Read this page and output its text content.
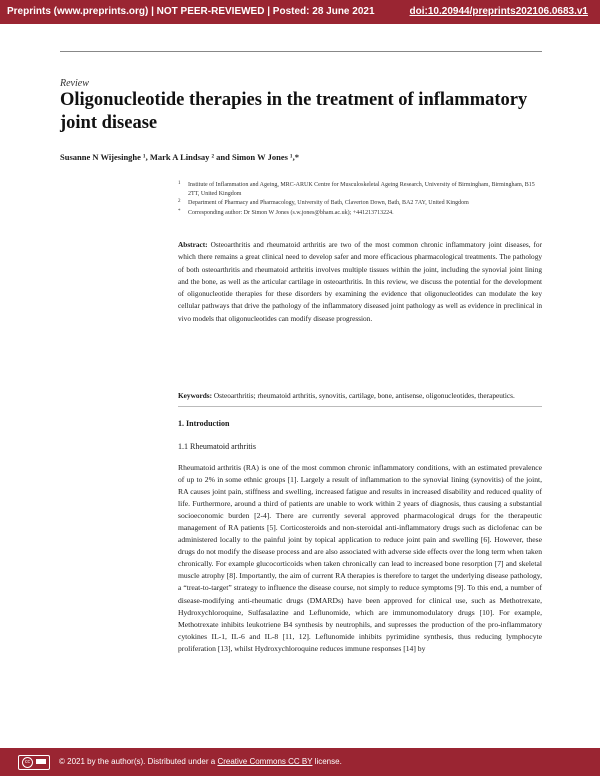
Preprints (www.preprints.org) | NOT PEER-REVIEWED | Posted: 28 June 2021	doi:10.20944/preprints202106.0683.v1
Review
Oligonucleotide therapies in the treatment of inflammatory joint disease
Susanne N Wijesinghe ¹, Mark A Lindsay ² and Simon W Jones ¹,*
1 Institute of Inflammation and Ageing, MRC-ARUK Centre for Musculoskeletal Ageing Research, University of Birmingham, Birmingham, B15 2TT, United Kingdom
2 Department of Pharmacy and Pharmacology, University of Bath, Claverton Down, Bath, BA2 7AY, United Kingdom
* Corresponding author: Dr Simon W Jones (s.w.jones@bham.ac.uk); +441213713224.
Abstract: Osteoarthritis and rheumatoid arthritis are two of the most common chronic inflammatory joint diseases, for which there remains a great clinical need to develop safer and more efficacious pharmacological treatments. The pathology of both osteoarthritis and rheumatoid arthritis involves multiple tissues within the joint, including the synovial joint lining and the bone, as well as the articular cartilage in osteoarthritis. In this review, we discuss the potential for the development of oligonucleotide therapies for these disorders by examining the evidence that oligonucleotides can modulate the key cellular pathways that drive the pathology of the inflammatory diseased joint pathology as well as evidence in preclinical in vivo models that oligonucleotides can modify disease progression.
Keywords: Osteoarthritis; rheumatoid arthritis, synovitis, cartilage, bone, antisense, oligonucleotides, therapeutics.
1. Introduction
1.1 Rheumatoid arthritis
Rheumatoid arthritis (RA) is one of the most common chronic inflammatory conditions, with an estimated prevalence of up to 2% in some ethnic groups [1]. Largely a result of inflammation to the synovial lining (synovitis) of the joint, RA causes joint pain, stiffness and swelling, increased fatigue and results in increased disability and reduced quality of life. Furthermore, around a third of patients are unable to work within 2 years of diagnosis, thus causing a substantial socioeconomic burden [2-4]. There are currently several approved pharmacological drugs for the therapeutic management of RA patients [5]. Corticosteroids and non-steroidal anti-inflammatory drugs such as diclofenac can be administered locally to the painful joint by topical application to reduce joint pain and swelling [6]. However, these drugs do not modify the disease process and are also associated with adverse side effects over the long term when taken chronically. For example glucocorticoids when taken chronically can lead to increased bone resorption [7] and skeletal muscle atrophy [8]. Importantly, the aim of current RA therapies is therefore to target the underlying disease pathology, a “treat-to-target” strategy to influence the disease course, not simply to reduce symptoms [9]. To this end, a number of disease-modifying anti-rheumatic drugs (DMARDs) have been approved for clinical use, such as Methotrexate, Hydroxychloroquine, Sulfasalazine and Leflunomide, which are immunomodulatory drugs [10]. For example, Methotrexate inhibits leukotriene B4 synthesis by neutrophils, and supresses the production of the pro-inflammatory cytokines IL-1, IL-6 and IL-8 [11, 12]. Leflunomide inhibits pyrimidine synthesis, thus reducing lymphocyte proliferation [13], whilst Hydroxychloroquine reduces immune responses [14] by
cc	© 2021 by the author(s). Distributed under a Creative Commons CC BY license.
